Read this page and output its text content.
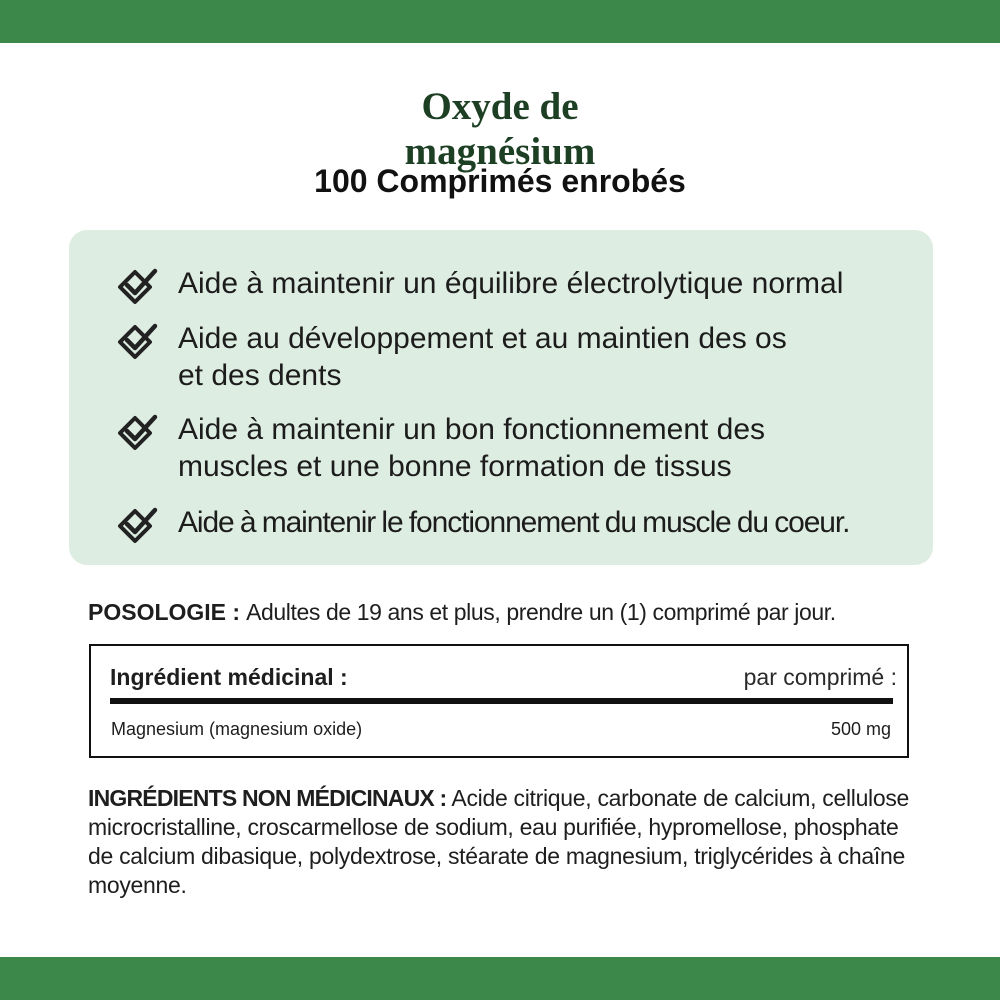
Oxyde de
magnésium
100 Comprimés enrobés
Aide à maintenir un équilibre électrolytique normal
Aide au développement et au maintien des os
et des dents
Aide à maintenir un bon fonctionnement des
muscles et une bonne formation de tissus
Aide à maintenir le fonctionnement du muscle du coeur.
POSOLOGIE : Adultes de 19 ans et plus, prendre un (1) comprimé par jour.
Ingrédient médicinal :	par comprimé :
Magnesium (magnesium oxide)	500 mg
INGRÉDIENTS NON MÉDICINAUX : Acide citrique, carbonate de calcium, cellulose microcristalline, croscarmellose de sodium, eau purifiée, hypromellose, phosphate de calcium dibasique, polydextrose, stéarate de magnesium, triglycérides à chaîne moyenne.
